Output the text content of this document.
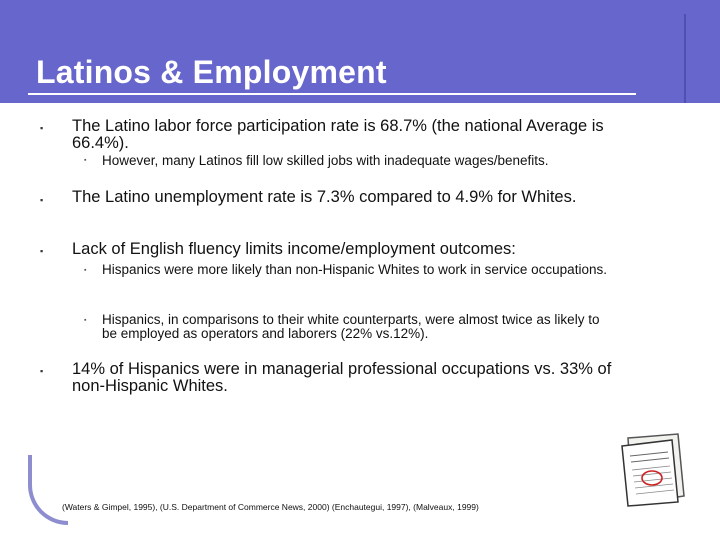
Latinos & Employment
▪ The Latino labor force participation rate is 68.7% (the national Average is 66.4%).
▪ However, many Latinos fill low skilled jobs with inadequate wages/benefits.
▪ The Latino unemployment rate is 7.3% compared to 4.9% for Whites.
▪ Lack of English fluency limits income/employment outcomes:
▪ Hispanics were more likely than non-Hispanic Whites to work in service occupations.
▪ Hispanics, in comparisons to their white counterparts, were almost twice as likely to be employed as operators and laborers (22% vs.12%).
▪ 14% of Hispanics were in managerial professional occupations vs. 33% of non-Hispanic Whites.
(Waters & Gimpel, 1995), (U.S. Department of Commerce News, 2000) (Enchautegui, 1997), (Malveaux, 1999)
